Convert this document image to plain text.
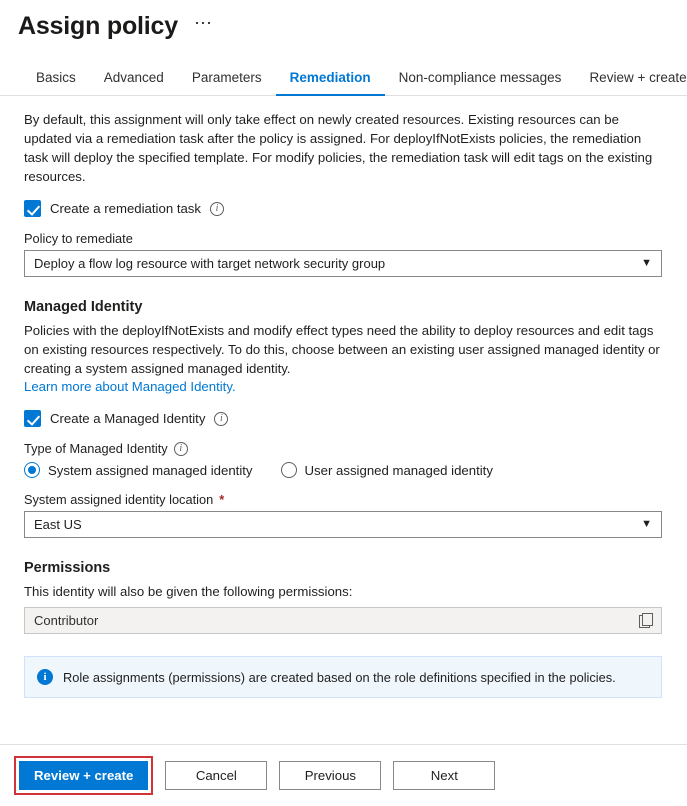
Assign policy ⋯
Basics	Advanced	Parameters	Remediation	Non-compliance messages	Review + create

By default, this assignment will only take effect on newly created resources. Existing resources can be updated via a remediation task after the policy is assigned. For deployIfNotExists policies, the remediation task will deploy the specified template. For modify policies, the remediation task will edit tags on the existing resources.

Create a remediation task	i
Policy to remediate
Deploy a flow log resource with target network security group	▼
Managed Identity

Policies with the deployIfNotExists and modify effect types need the ability to deploy resources and edit tags on existing resources respectively. To do this, choose between an existing user assigned managed identity or creating a system assigned managed identity.

Learn more about Managed Identity.
Create a Managed Identity	i
Type of Managed Identity	i
System assigned managed identity	User assigned managed identity
System assigned identity location *
East US	▼
Permissions

This identity will also be given the following permissions:

Contributor
i	Role assignments (permissions) are created based on the role definitions specified in the policies.
Review + create	Cancel	Previous	Next
